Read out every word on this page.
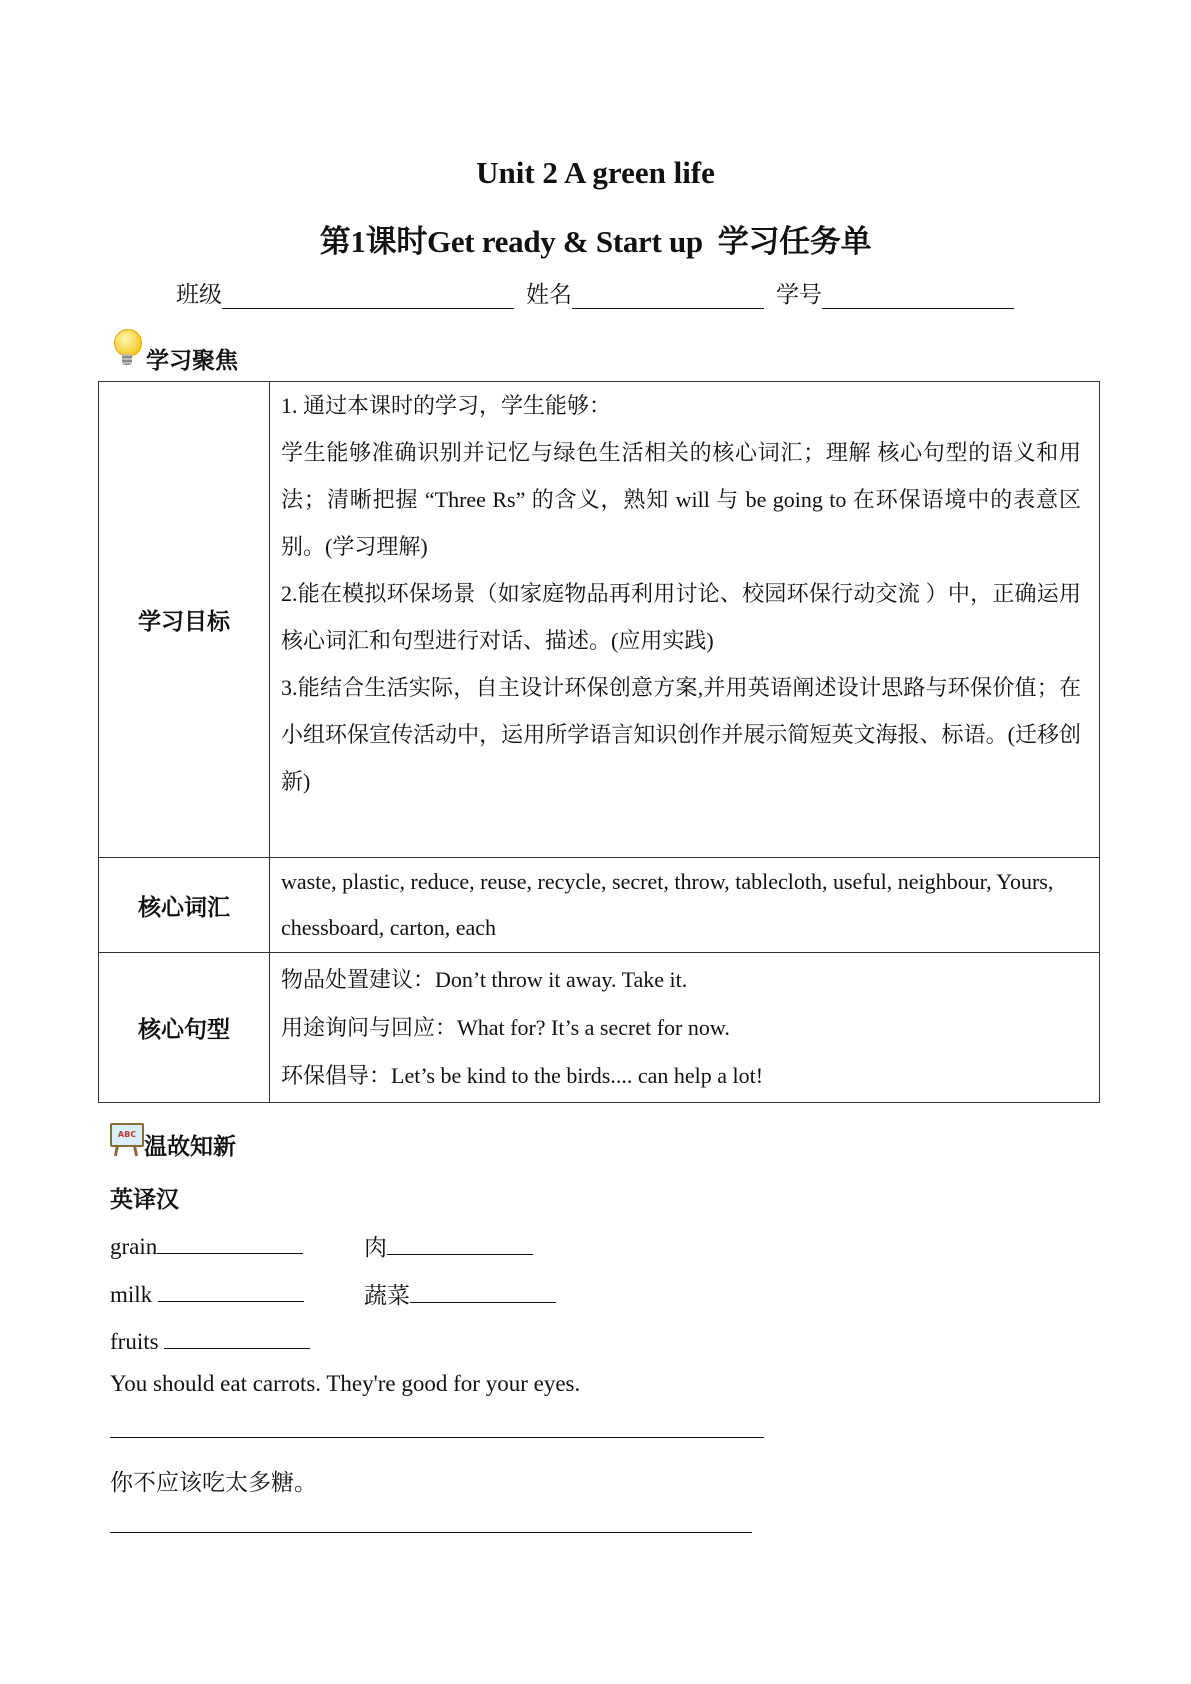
Unit 2 A green life
第1课时Get ready & Start up  学习任务单
班级	姓名	学号
学习聚焦
学习目标	1. 通过本课时的学习，学生能够：

学生能够准确识别并记忆与绿色生活相关的核心词汇；理解 核心句型的语义和用法；清晰把握 “Three Rs” 的含义，熟知 will 与 be going to 在环保语境中的表意区别。(学习理解)

2.能在模拟环保场景（如家庭物品再利用讨论、校园环保行动交流 ）中，正确运用核心词汇和句型进行对话、描述。(应用实践)

3.能结合生活实际，自主设计环保创意方案,并用英语阐述设计思路与环保价值；在小组环保宣传活动中，运用所学语言知识创作并展示简短英文海报、标语。(迁移创新)

核心词汇	waste, plastic, reduce, reuse, recycle, secret, throw, tablecloth, useful, neighbour, Yours, chessboard, carton, each

核心句型	物品处置建议：Don’t throw it away. Take it.

用途询问与回应：What for? It’s a secret for now.

环保倡导：Let’s be kind to the birds.... can help a lot!

ABC 温故知新
英译汉
grain	肉
milk	蔬菜
fruits
You should eat carrots. They're good for your eyes.
你不应该吃太多糖。
